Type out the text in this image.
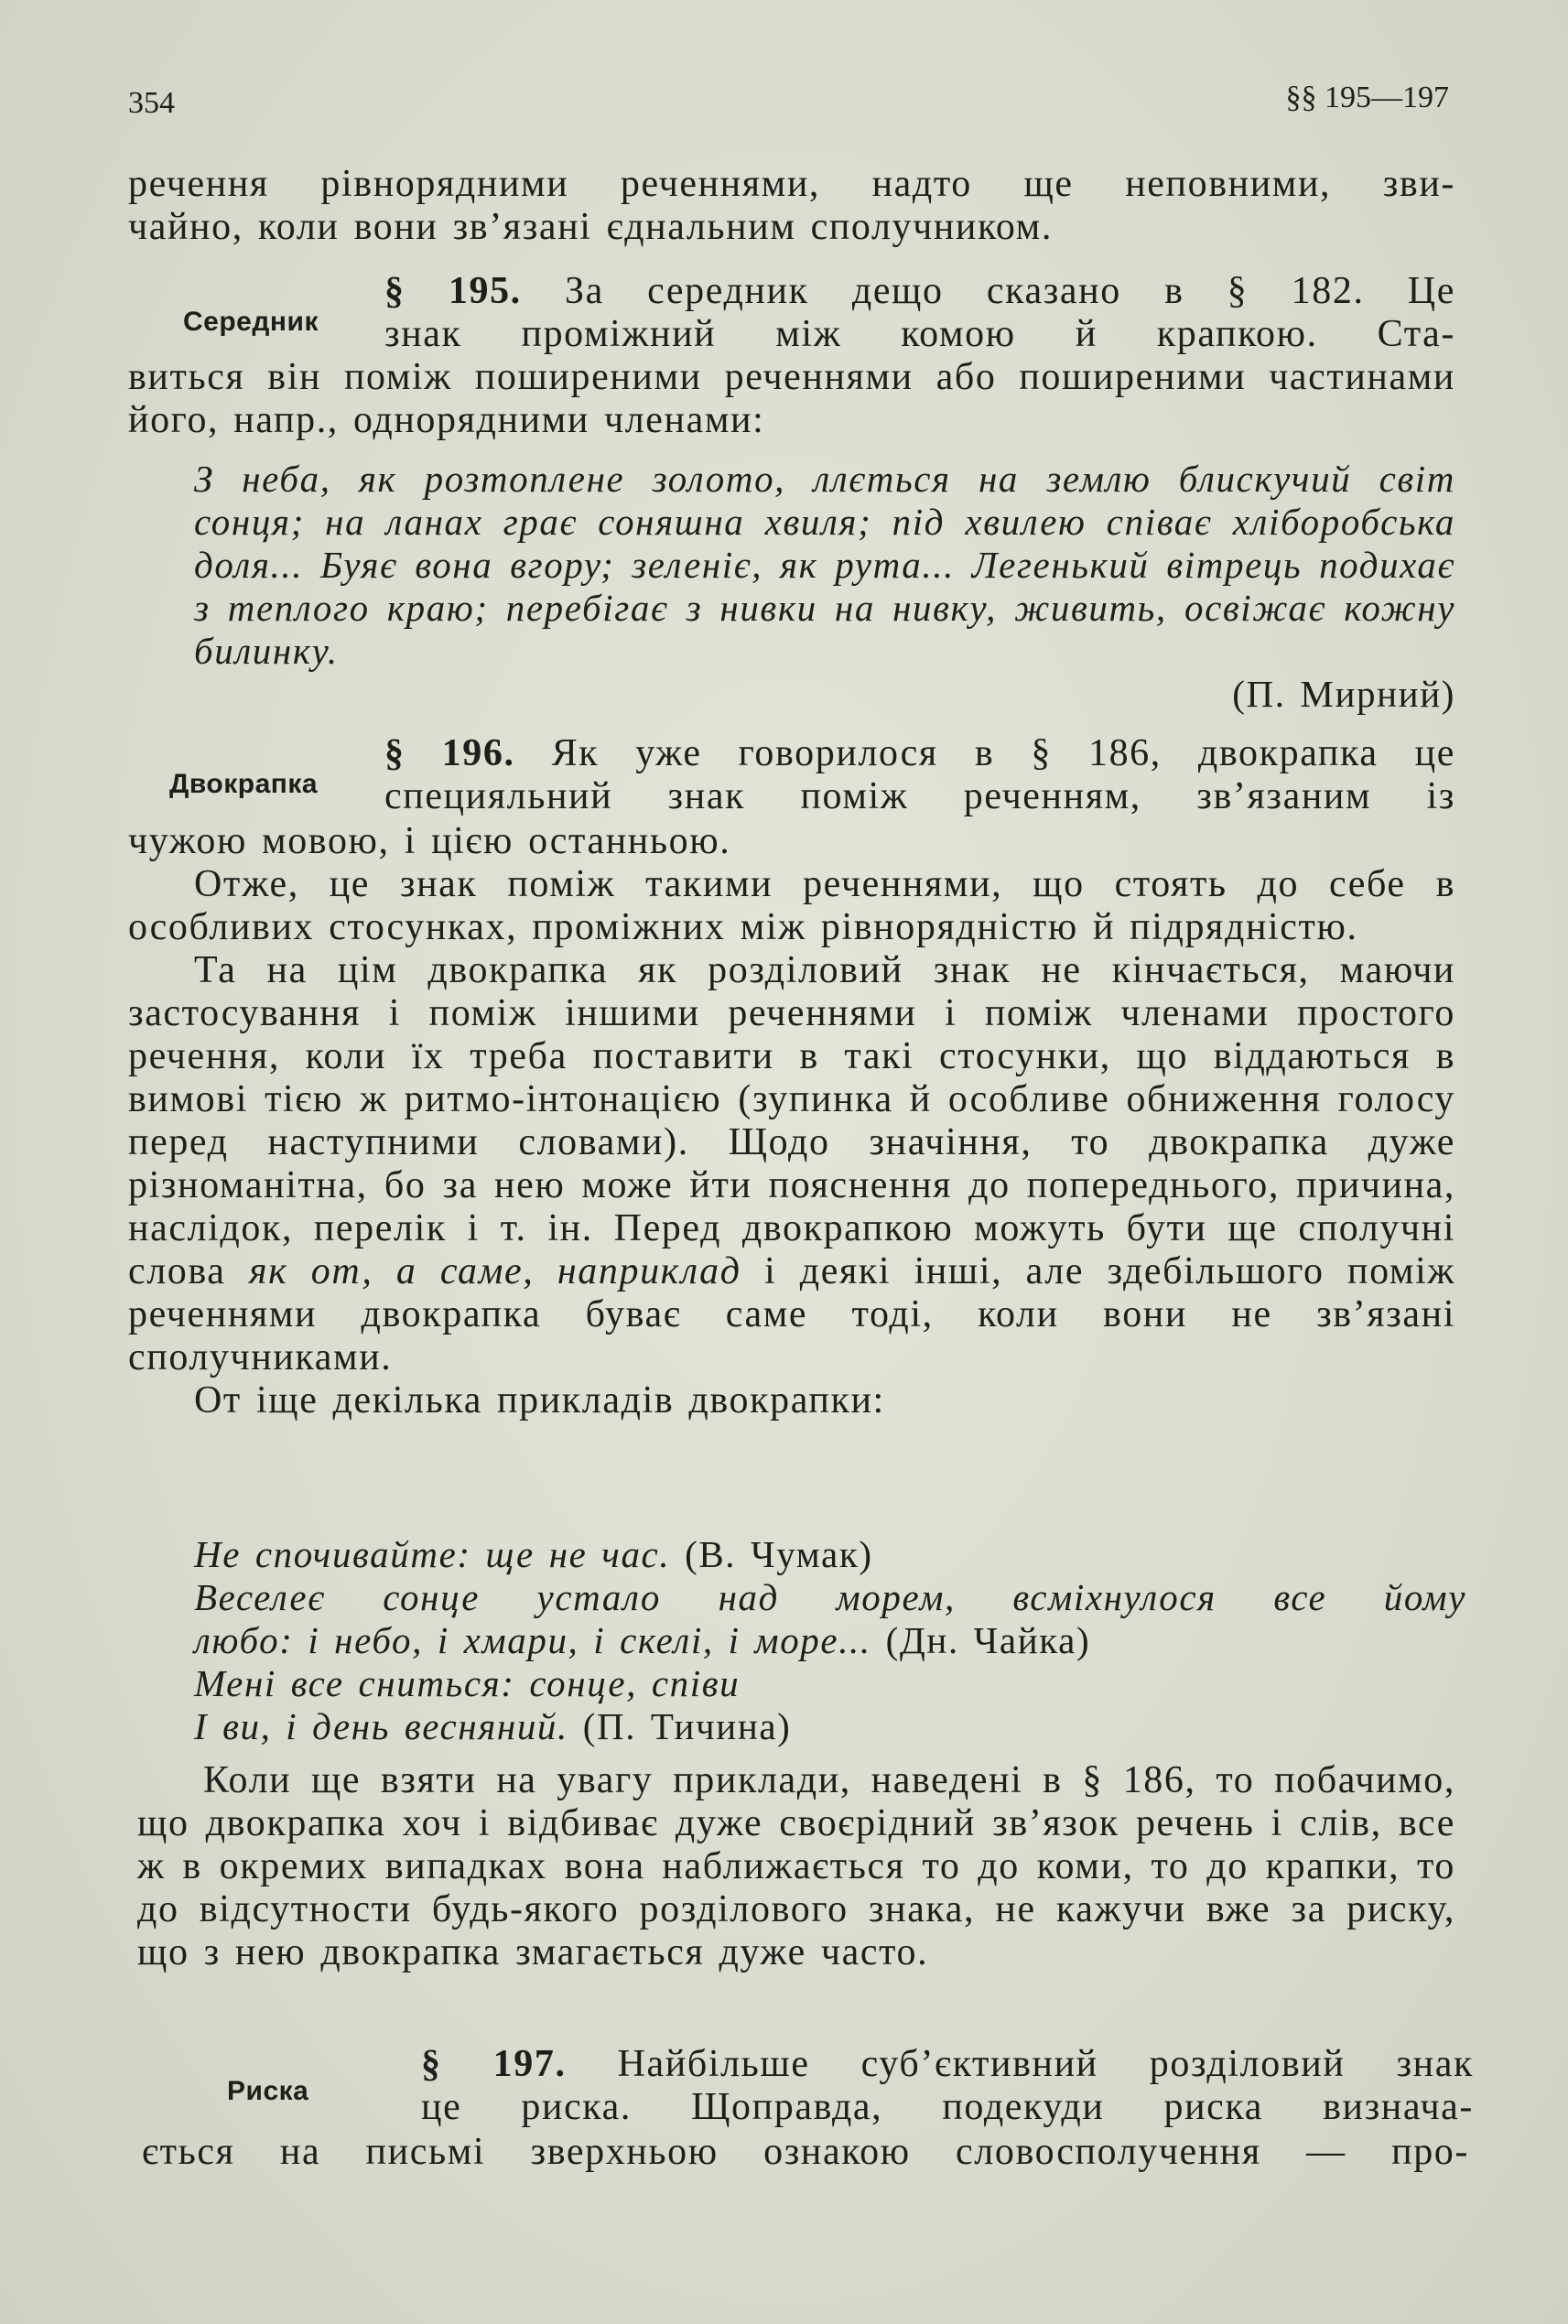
354	§§ 195—197

речення рівнорядними реченнями, надто ще неповними, зви-

чайно, коли вони зв’язані єднальним сполучником.

Середник

§ 195. За середник дещо сказано в § 182. Це

знак проміжний між комою й крапкою. Ста-

виться він поміж поширеними реченнями або поширеними частинами його, напр., однорядними членами:

З неба, як розтоплене золото, ллється на землю блискучий світ сонця; на ланах грає соняшна хвиля; під хвилею співає хліборобська доля... Буяє вона вгору; зеленіє, як рута... Легенький вітрець подихає з теплого краю; перебігає з нивки на нивку, живить, освіжає кожну билинку.

(П. Мирний)

Двокрапка

§ 196. Як уже говорилося в § 186, двокрапка це

специяльний знак поміж реченням, зв’язаним із

чужою мовою, і цією останньою.

Отже, це знак поміж такими реченнями, що стоять до себе в особливих стосунках, проміжних між рівнорядністю й підрядністю.

Та на цім двокрапка як розділовий знак не кінчається, маючи застосування і поміж іншими реченнями і поміж членами простого речення, коли їх треба поставити в такі стосунки, що віддаються в вимові тією ж ритмо-інтонацією (зупинка й особливе обниження голосу перед наступними словами). Щодо значіння, то двокрапка дуже різноманітна, бо за нею може йти пояснення до попереднього, причина, наслідок, перелік і т. ін. Перед двокрапкою можуть бути ще сполучні слова як от, а саме, наприклад і деякі інші, але здебільшого поміж реченнями двокрапка буває саме тоді, коли вони не зв’язані сполучниками.

От іще декілька прикладів двокрапки:

Не спочивайте: ще не час. (В. Чумак)

Веселеє сонце устало над морем, всміхнулося все йому

любо: і небо, і хмари, і скелі, і море... (Дн. Чайка)

Мені все сниться: сонце, співи

І ви, і день весняний. (П. Тичина)

Коли ще взяти на увагу приклади, наведені в § 186, то побачимо, що двокрапка хоч і відбиває дуже своєрідний зв’язок речень і слів, все ж в окремих випадках вона наближається то до коми, то до крапки, то до відсутности будь-якого розділового знака, не кажучи вже за риску, що з нею двокрапка змагається дуже часто.

Риска

§ 197. Найбільше суб’єктивний розділовий знак

це риска. Щоправда, подекуди риска визнача-

ється на письмі зверхньою ознакою словосполучення — про-
